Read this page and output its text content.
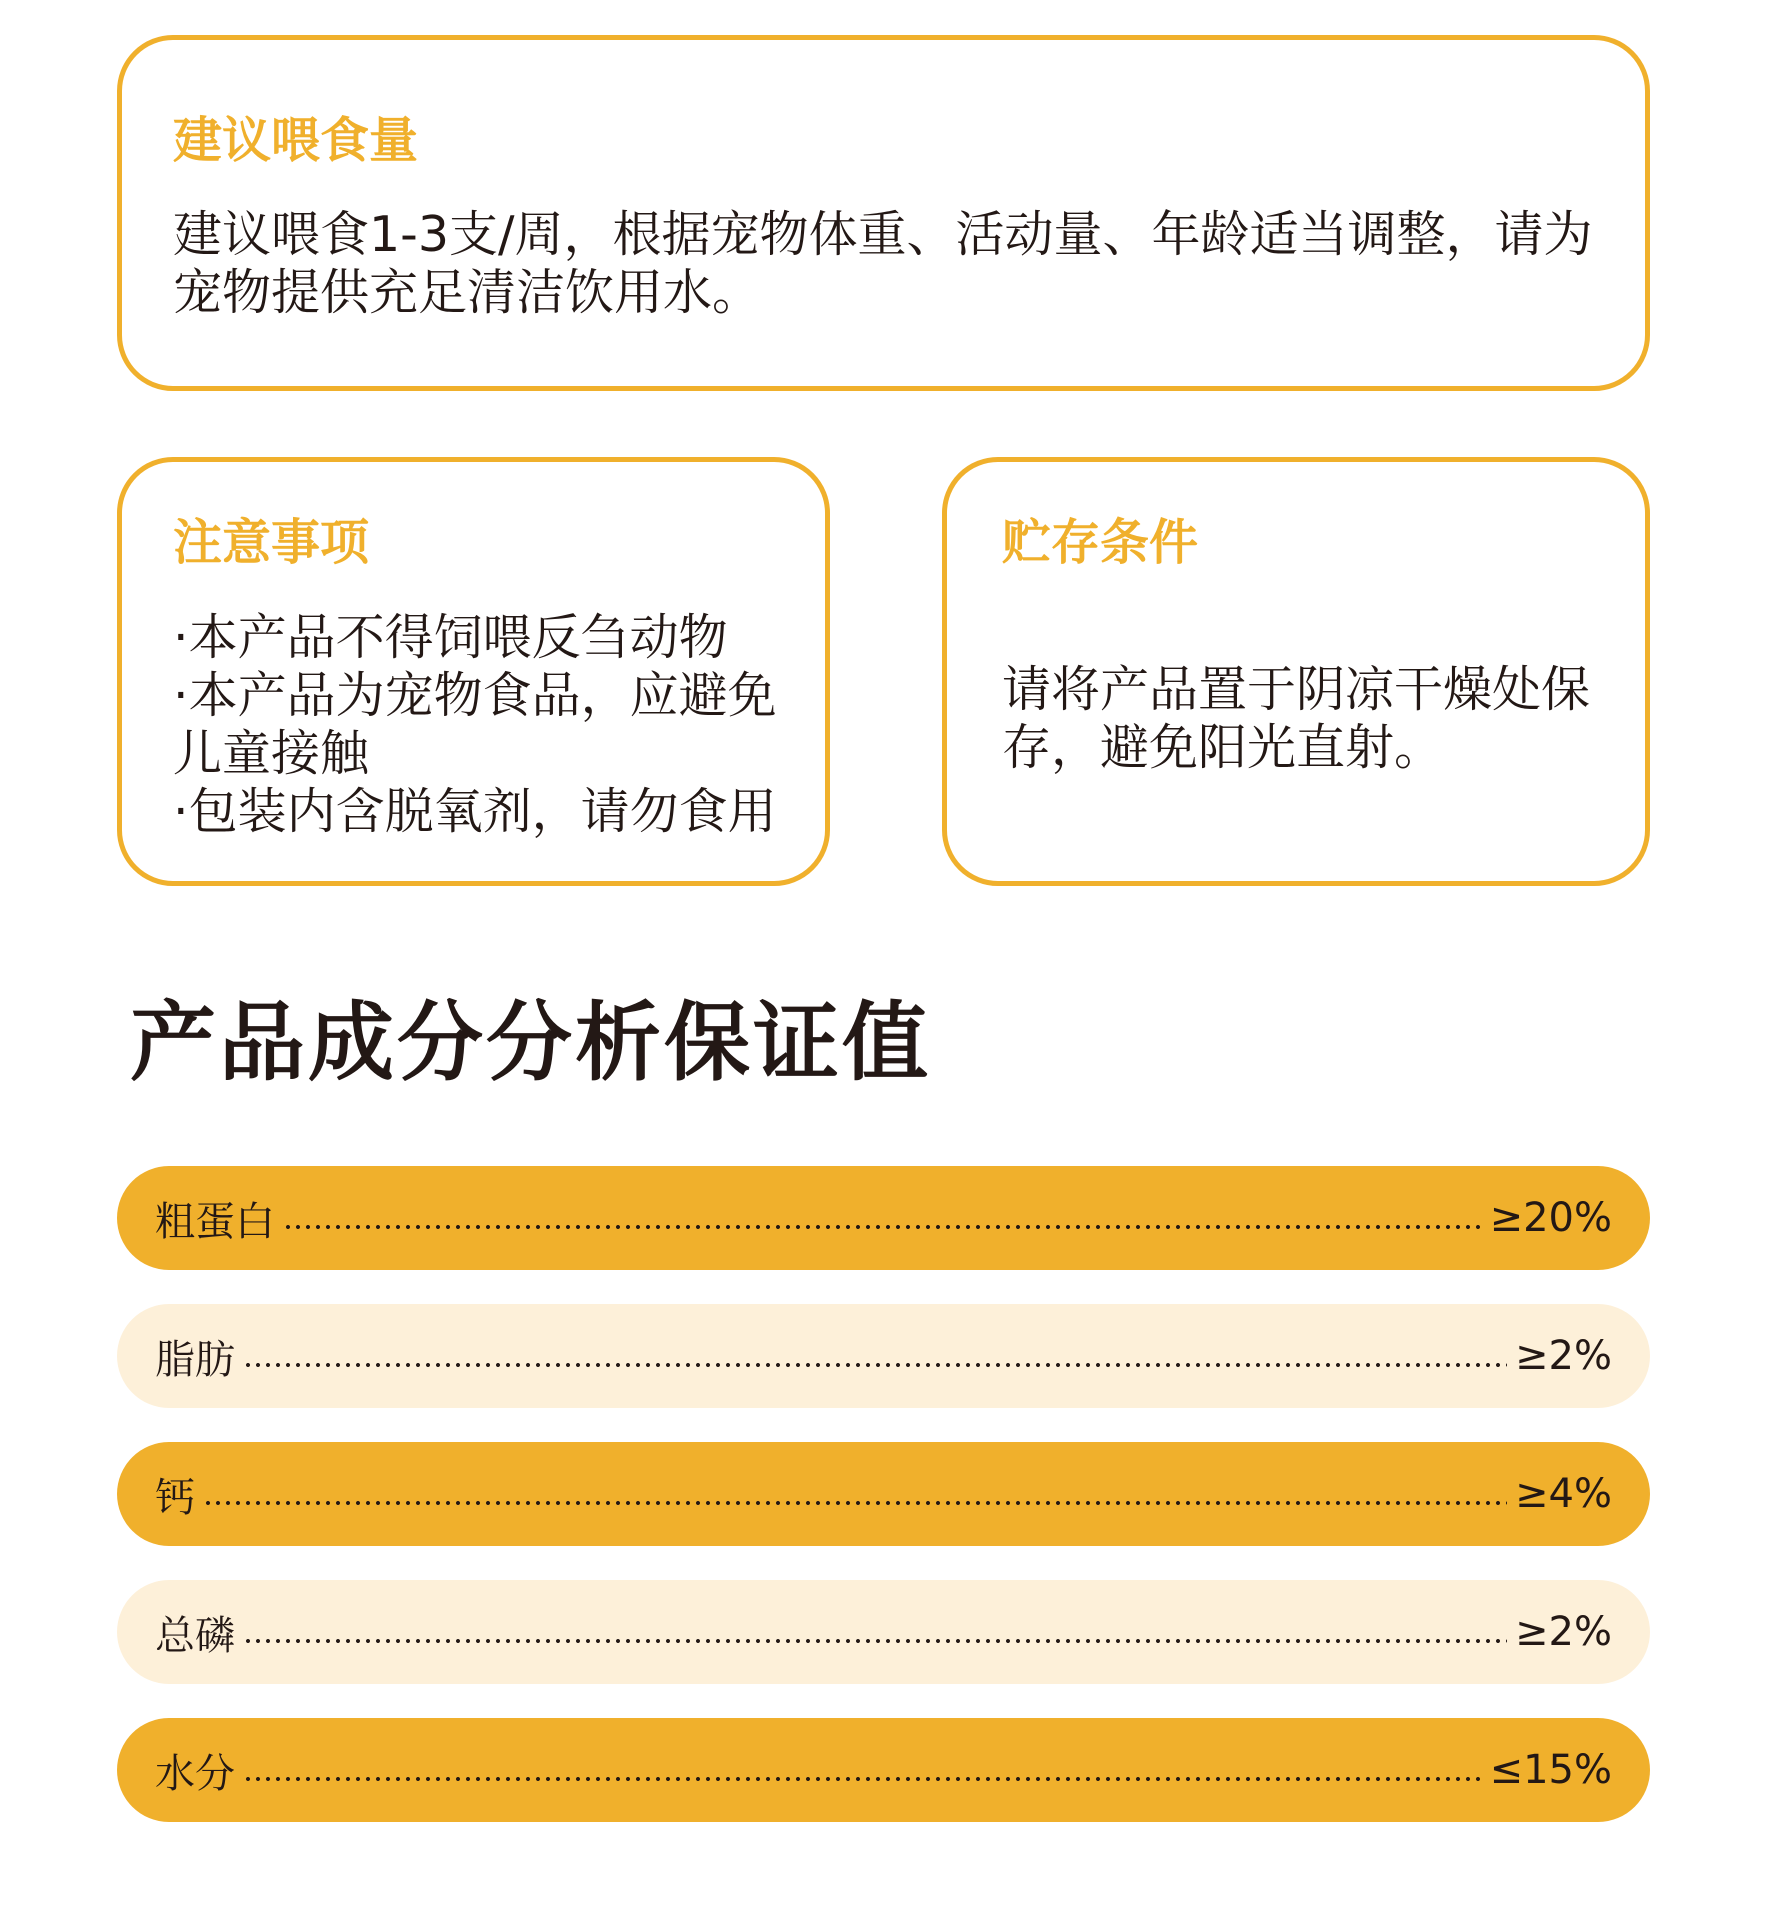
建议喂食量
建议喂食1-3支/周，根据宠物体重、活动量、年龄适当调整，请为
宠物提供充足清洁饮用水。
注意事项
·本产品不得饲喂反刍动物
·本产品为宠物食品，应避免
儿童接触
·包装内含脱氧剂，请勿食用
贮存条件
请将产品置于阴凉干燥处保
存，避免阳光直射。
产品成分分析保证值
粗蛋白	≥20%
脂肪	≥2%
钙	≥4%
总磷	≥2%
水分	≤15%
